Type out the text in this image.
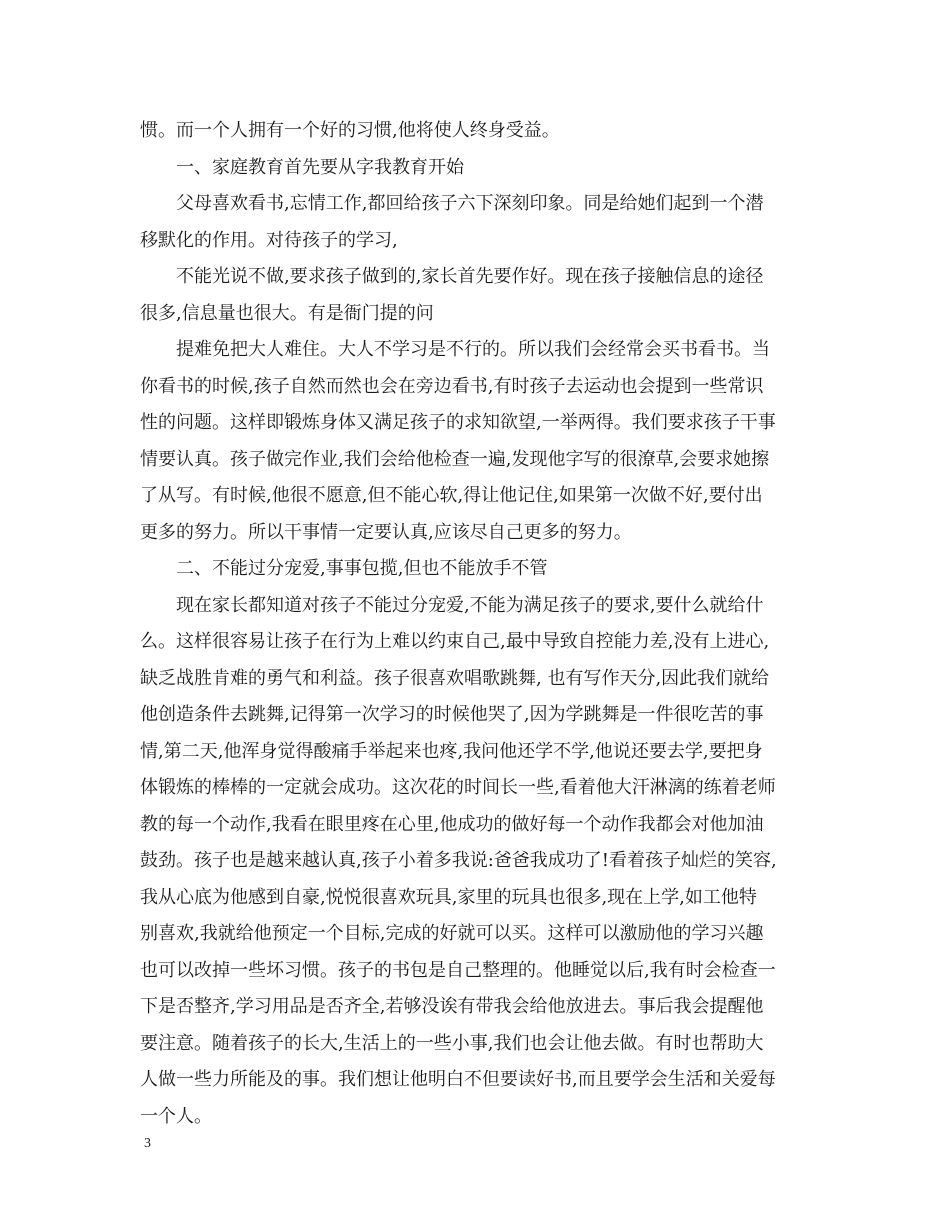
惯。而一个人拥有一个好的习惯,他将使人终身受益。
一、家庭教育首先要从字我教育开始
父母喜欢看书,忘情工作,都回给孩子六下深刻印象。同是给她们起到一个潜
移默化的作用。对待孩子的学习,
不能光说不做,要求孩子做到的,家长首先要作好。现在孩子接触信息的途径
很多,信息量也很大。有是衙门提的问
提难免把大人难住。大人不学习是不行的。所以我们会经常会买书看书。当
你看书的时候,孩子自然而然也会在旁边看书,有时孩子去运动也会提到一些常识
性的问题。这样即锻炼身体又满足孩子的求知欲望,一举两得。我们要求孩子干事
情要认真。孩子做完作业,我们会给他检查一遍,发现他字写的很潦草,会要求她擦
了从写。有时候,他很不愿意,但不能心软,得让他记住,如果第一次做不好,要付出
更多的努力。所以干事情一定要认真,应该尽自己更多的努力。
二、不能过分宠爱,事事包揽,但也不能放手不管
现在家长都知道对孩子不能过分宠爱,不能为满足孩子的要求,要什么就给什
么。这样很容易让孩子在行为上难以约束自己,最中导致自控能力差,没有上进心,
缺乏战胜肯难的勇气和利益。孩子很喜欢唱歌跳舞, 也有写作天分,因此我们就给
他创造条件去跳舞,记得第一次学习的时候他哭了,因为学跳舞是一件很吃苦的事
情,第二天,他浑身觉得酸痛手举起来也疼,我问他还学不学,他说还要去学,要把身
体锻炼的棒棒的一定就会成功。这次花的时间长一些,看着他大汗淋漓的练着老师
教的每一个动作,我看在眼里疼在心里,他成功的做好每一个动作我都会对他加油
鼓劲。孩子也是越来越认真,孩子小着多我说:爸爸我成功了!看着孩子灿烂的笑容,
我从心底为他感到自豪,悦悦很喜欢玩具,家里的玩具也很多,现在上学,如工他特
别喜欢,我就给他预定一个目标,完成的好就可以买。这样可以激励他的学习兴趣
也可以改掉一些坏习惯。孩子的书包是自己整理的。他睡觉以后,我有时会检查一
下是否整齐,学习用品是否齐全,若够没诶有带我会给他放进去。事后我会提醒他
要注意。随着孩子的长大,生活上的一些小事,我们也会让他去做。有时也帮助大
人做一些力所能及的事。我们想让他明白不但要读好书,而且要学会生活和关爱每
一个人。
3
